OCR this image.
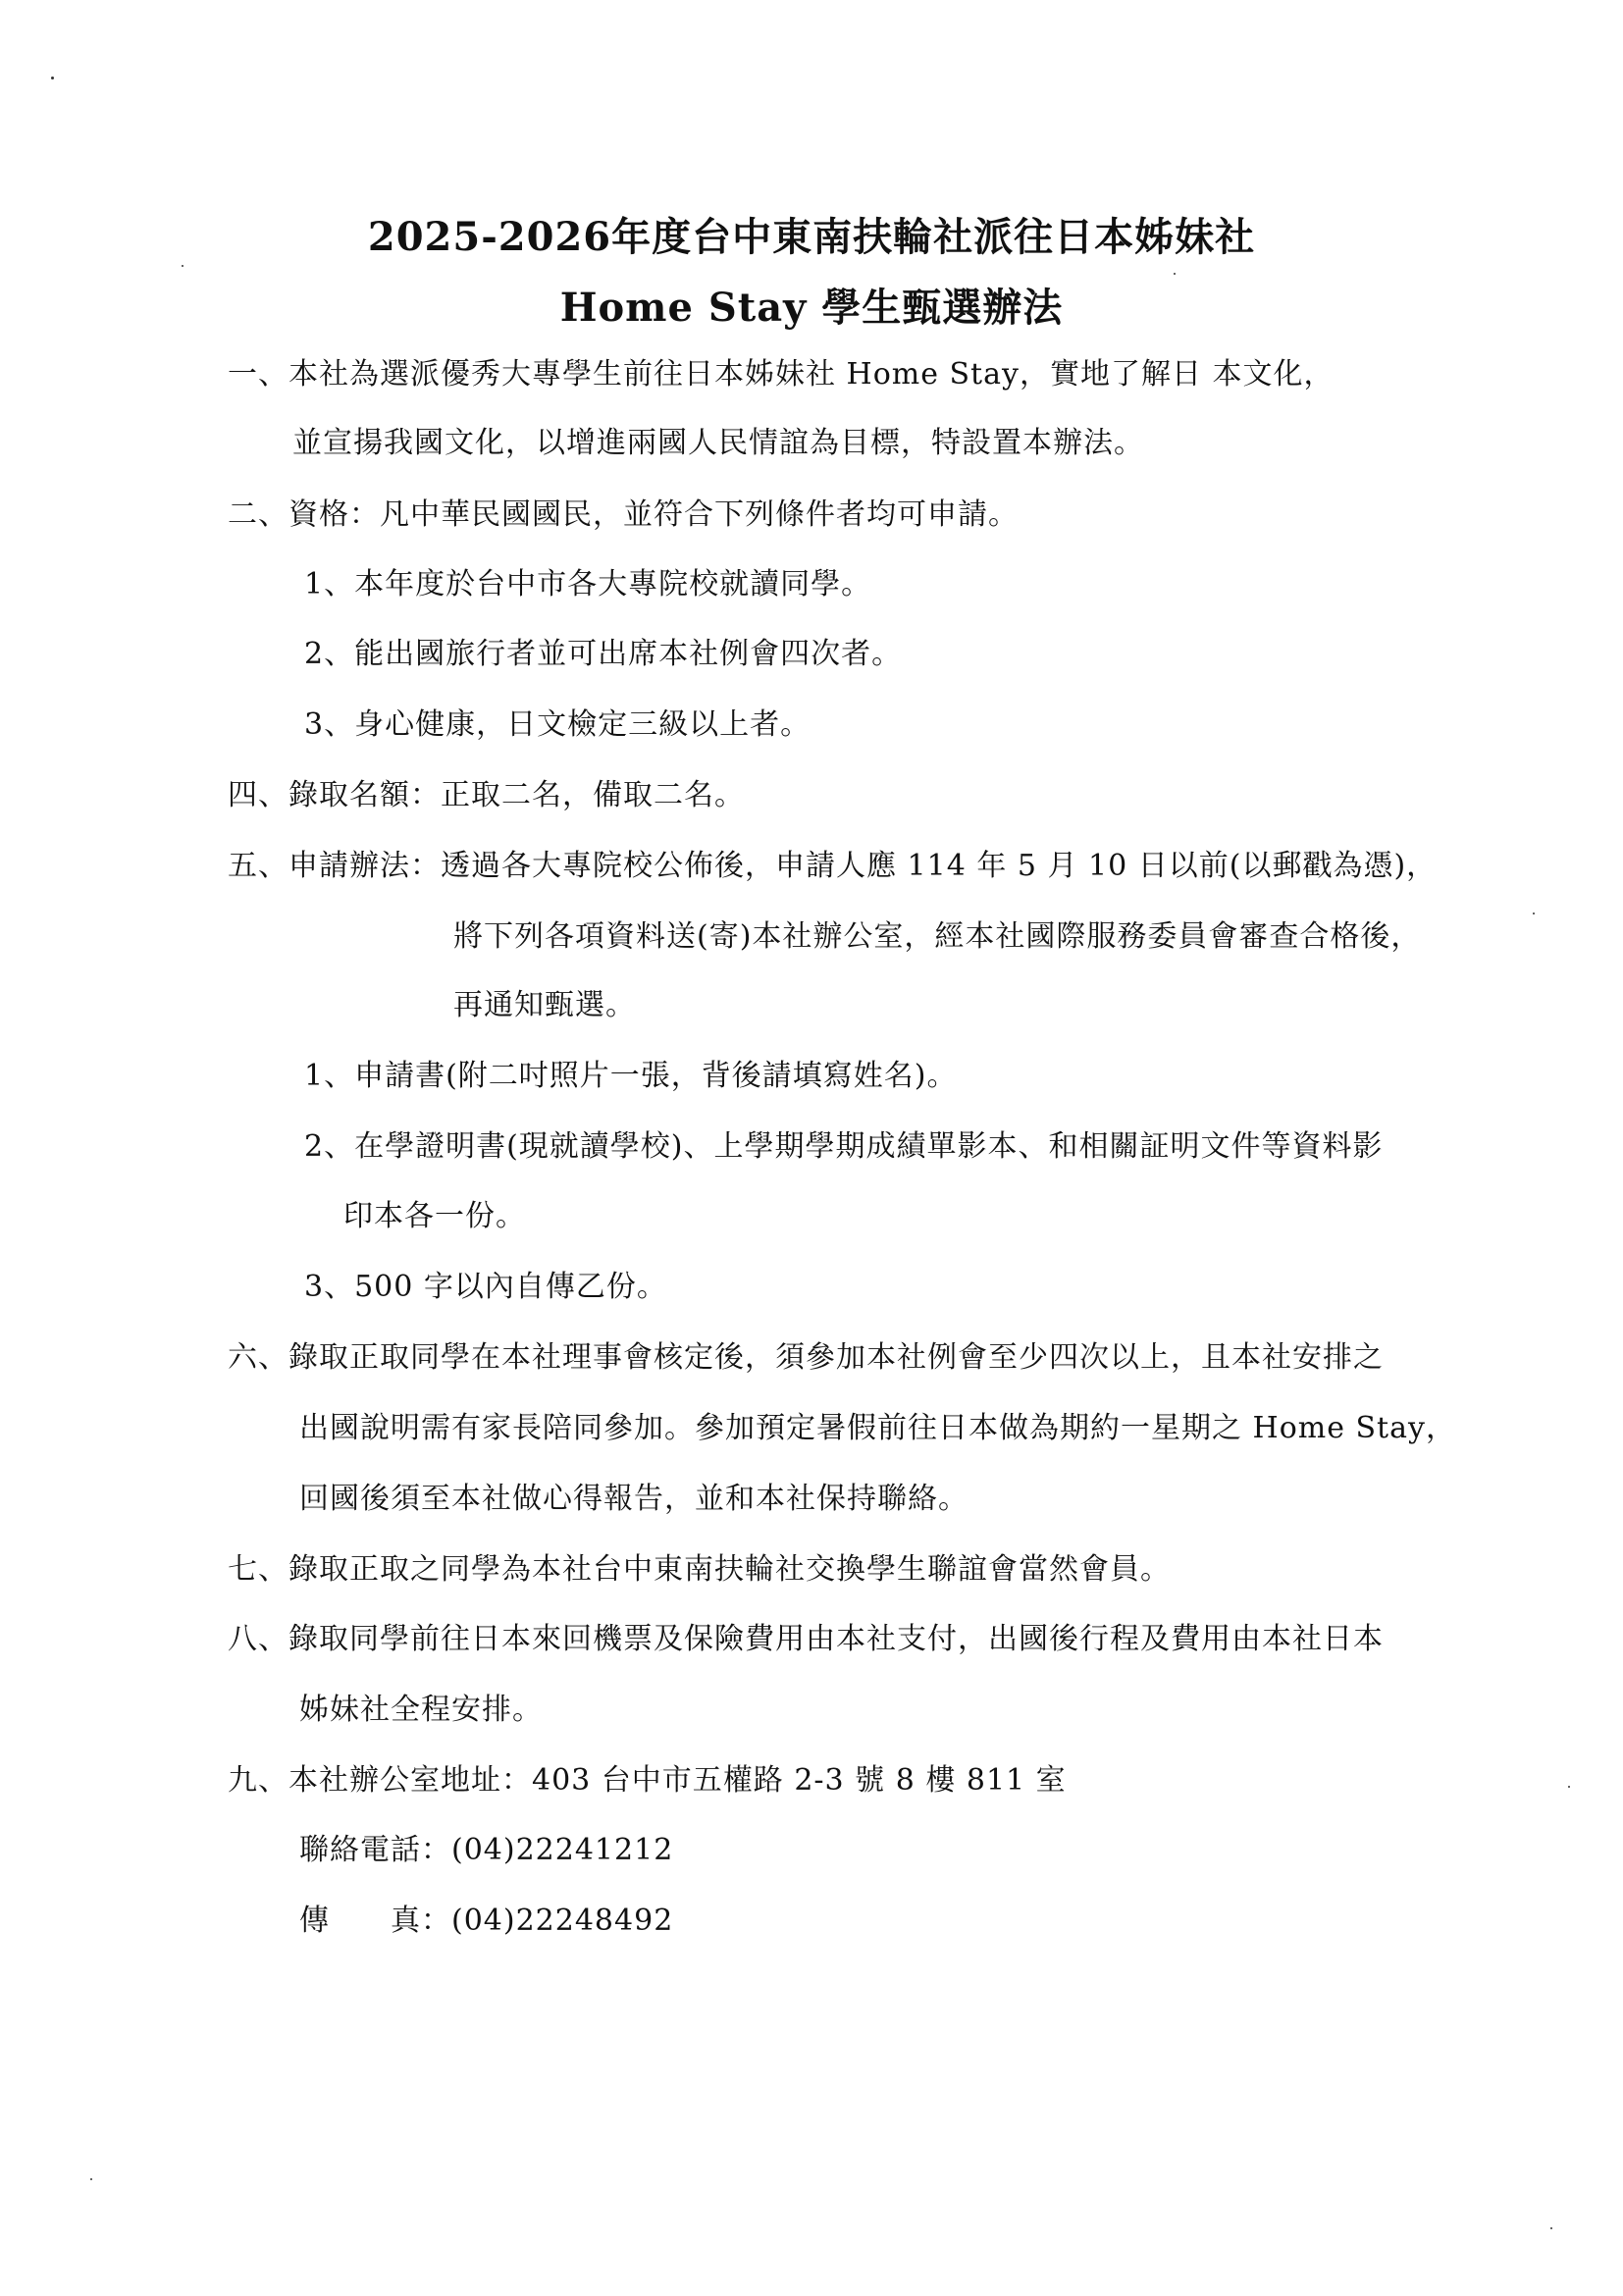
2025-2026年度台中東南扶輪社派往日本姊妹社
Home Stay 學生甄選辦法
一、本社為選派優秀大專學生前往日本姊妹社 Home Stay，實地了解日 本文化，
並宣揚我國文化，以增進兩國人民情誼為目標，特設置本辦法。
二、資格：凡中華民國國民，並符合下列條件者均可申請。
1、本年度於台中市各大專院校就讀同學。
2、能出國旅行者並可出席本社例會四次者。
3、身心健康，日文檢定三級以上者。
四、錄取名額：正取二名，備取二名。
五、申請辦法：透過各大專院校公佈後，申請人應 114 年 5 月 10 日以前(以郵戳為憑)，
將下列各項資料送(寄)本社辦公室，經本社國際服務委員會審查合格後，
再通知甄選。
1、申請書(附二吋照片一張，背後請填寫姓名)。
2、在學證明書(現就讀學校)、上學期學期成績單影本、和相關証明文件等資料影
印本各一份。
3、500 字以內自傳乙份。
六、錄取正取同學在本社理事會核定後，須參加本社例會至少四次以上，且本社安排之
出國說明需有家長陪同參加。參加預定暑假前往日本做為期約一星期之 Home Stay，
回國後須至本社做心得報告，並和本社保持聯絡。
七、錄取正取之同學為本社台中東南扶輪社交換學生聯誼會當然會員。
八、錄取同學前往日本來回機票及保險費用由本社支付，出國後行程及費用由本社日本
姊妹社全程安排。
九、本社辦公室地址：403 台中市五權路 2-3 號 8 樓 811 室
聯絡電話：(04)22241212
傳　　真：(04)22248492
